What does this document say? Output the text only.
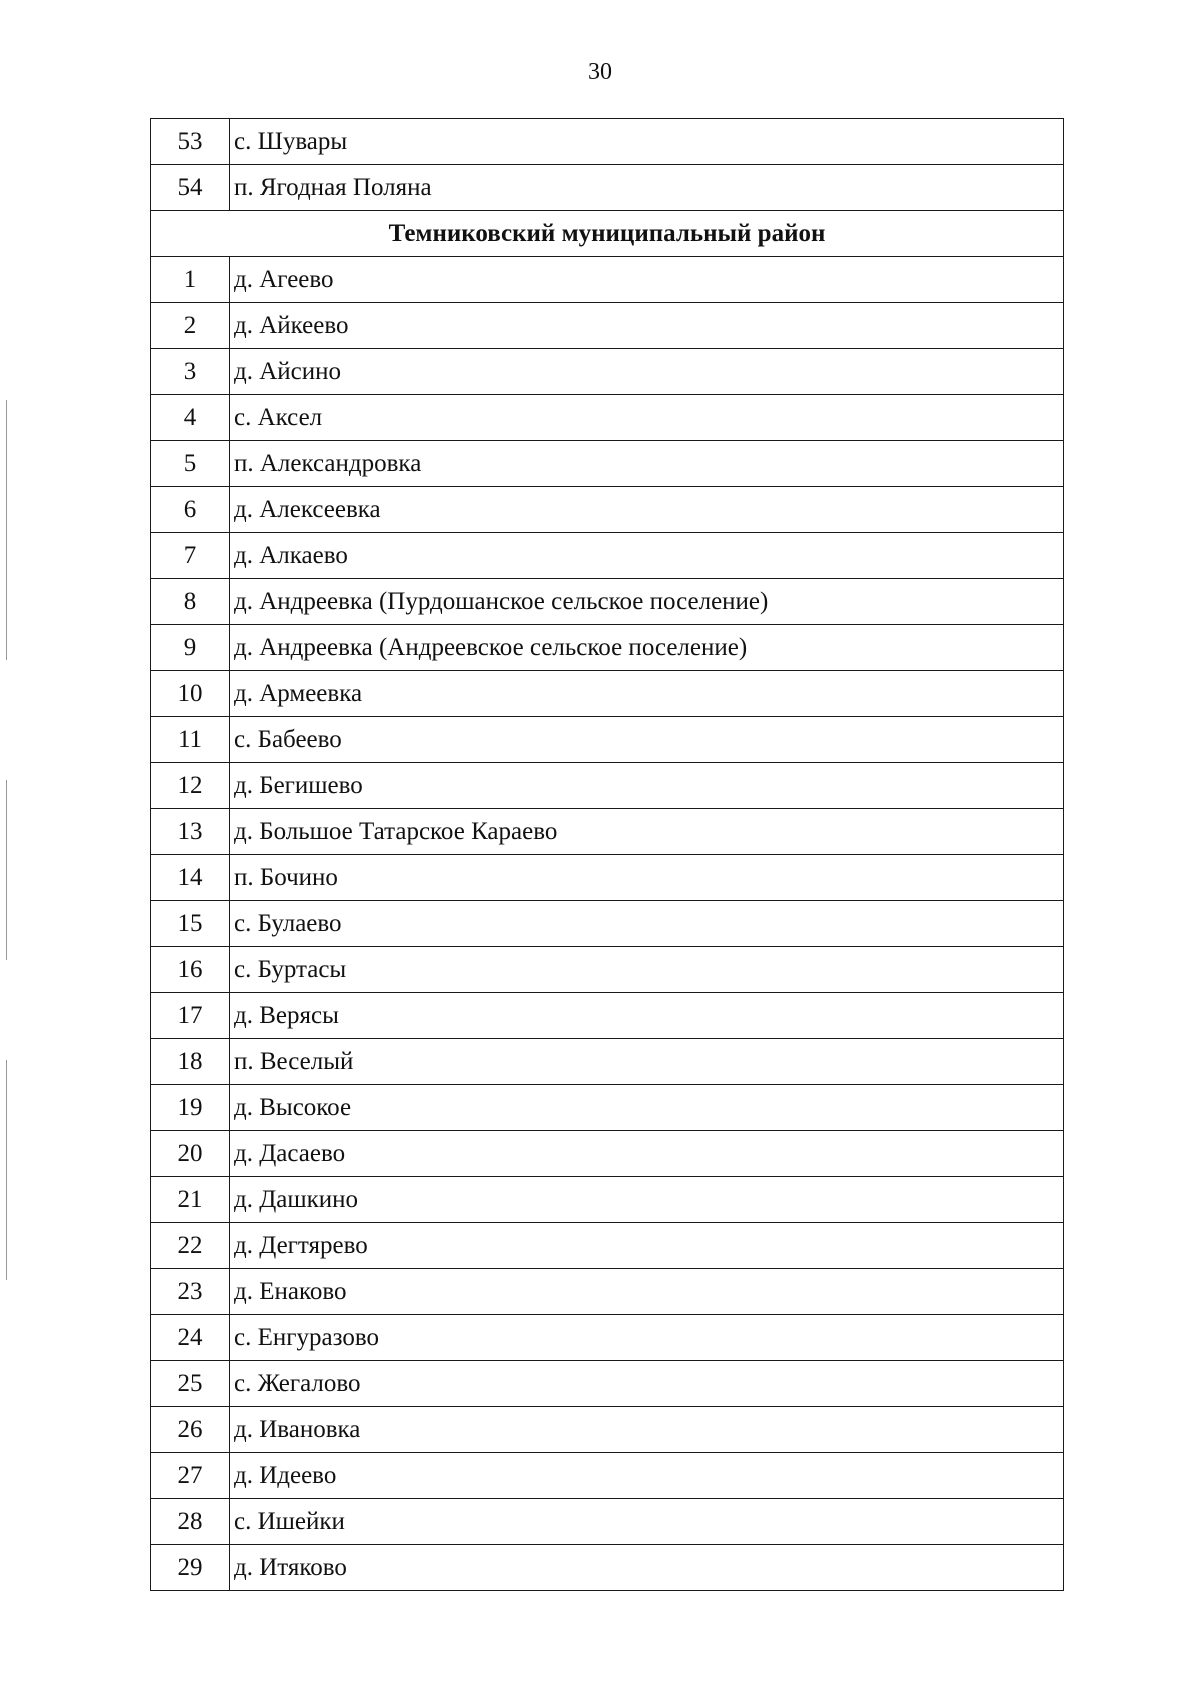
30
53	с. Шувары
54	п. Ягодная Поляна
Темниковский муниципальный район	
1	д. Агеево
2	д. Айкеево
3	д. Айсино
4	с. Аксел
5	п. Александровка
6	д. Алексеевка
7	д. Алкаево
8	д. Андреевка (Пурдошанское сельское поселение)
9	д. Андреевка (Андреевское сельское поселение)
10	д. Армеевка
11	с. Бабеево
12	д. Бегишево
13	д. Большое Татарское Караево
14	п. Бочино
15	с. Булаево
16	с. Буртасы
17	д. Верясы
18	п. Веселый
19	д. Высокое
20	д. Дасаево
21	д. Дашкино
22	д. Дегтярево
23	д. Енаково
24	с. Енгуразово
25	с. Жегалово
26	д. Ивановка
27	д. Идеево
28	с. Ишейки
29	д. Итяково
